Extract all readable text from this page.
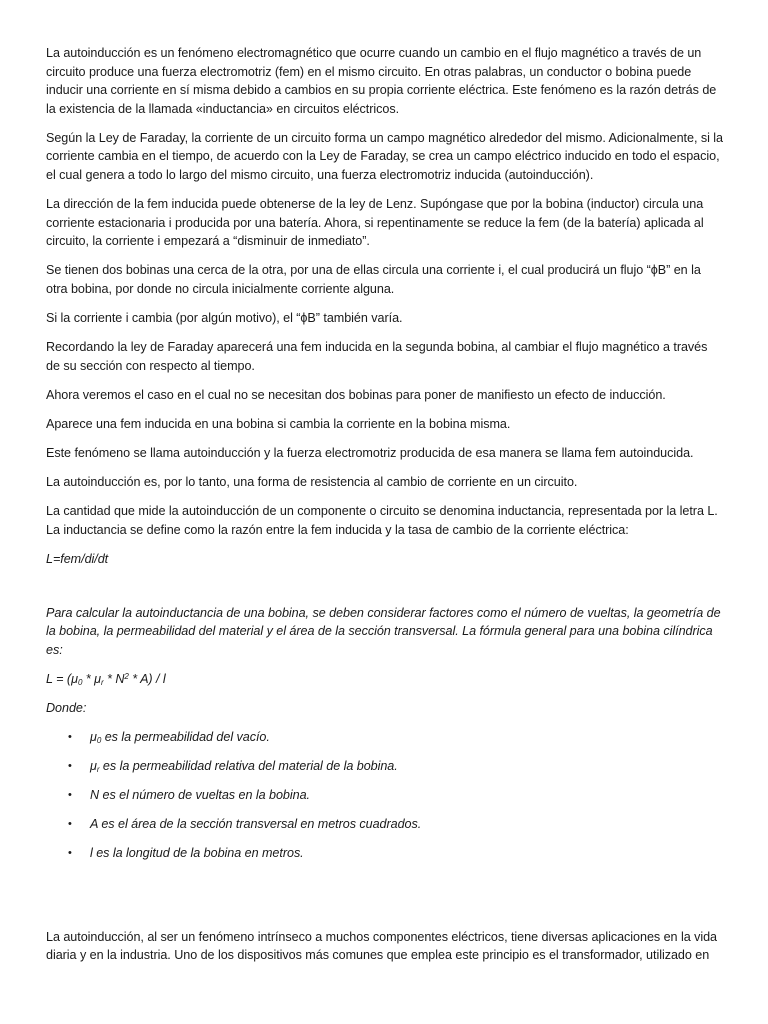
La autoinducción es un fenómeno electromagnético que ocurre cuando un cambio en el flujo magnético a través de un circuito produce una fuerza electromotriz (fem) en el mismo circuito. En otras palabras, un conductor o bobina puede inducir una corriente en sí misma debido a cambios en su propia corriente eléctrica. Este fenómeno es la razón detrás de la existencia de la llamada «inductancia» en circuitos eléctricos.

Según la Ley de Faraday, la corriente de un circuito forma un campo magnético alrededor del mismo. Adicionalmente, si la corriente cambia en el tiempo, de acuerdo con la Ley de Faraday, se crea un campo eléctrico inducido en todo el espacio, el cual genera a todo lo largo del mismo circuito, una fuerza electromotriz inducida (autoinducción).

La dirección de la fem inducida puede obtenerse de la ley de Lenz. Supóngase que por la bobina (inductor) circula una corriente estacionaria i producida por una batería. Ahora, si repentinamente se reduce la fem (de la batería) aplicada al circuito, la corriente i empezará a “disminuir de inmediato”.

Se tienen dos bobinas una cerca de la otra, por una de ellas circula una corriente i, el cual producirá un flujo “ϕB” en la otra bobina, por donde no circula inicialmente corriente alguna.

Si la corriente i cambia (por algún motivo), el “ϕB” también varía.

Recordando la ley de Faraday aparecerá una fem inducida en la segunda bobina, al cambiar el flujo magnético a través de su sección con respecto al tiempo.

Ahora veremos el caso en el cual no se necesitan dos bobinas para poner de manifiesto un efecto de inducción.

Aparece una fem inducida en una bobina si cambia la corriente en la bobina misma.

Este fenómeno se llama autoinducción y la fuerza electromotriz producida de esa manera se llama fem autoinducida.

La autoinducción es, por lo tanto, una forma de resistencia al cambio de corriente en un circuito.

La cantidad que mide la autoinducción de un componente o circuito se denomina inductancia, representada por la letra L. La inductancia se define como la razón entre la fem inducida y la tasa de cambio de la corriente eléctrica:

L=fem/di/dt

Para calcular la autoinductancia de una bobina, se deben considerar factores como el número de vueltas, la geometría de la bobina, la permeabilidad del material y el área de la sección transversal. La fórmula general para una bobina cilíndrica es:

$L = (\mu_0 * \mu_r * N^2 * A) / l$

Donde:

• $\mu_0$ es la permeabilidad del vacío.
• $\mu_r$ es la permeabilidad relativa del material de la bobina.
• N es el número de vueltas en la bobina.
• A es el área de la sección transversal en metros cuadrados.
• l es la longitud de la bobina en metros.

La autoinducción, al ser un fenómeno intrínseco a muchos componentes eléctricos, tiene diversas aplicaciones en la vida diaria y en la industria. Uno de los dispositivos más comunes que emplea este principio es el transformador, utilizado en
